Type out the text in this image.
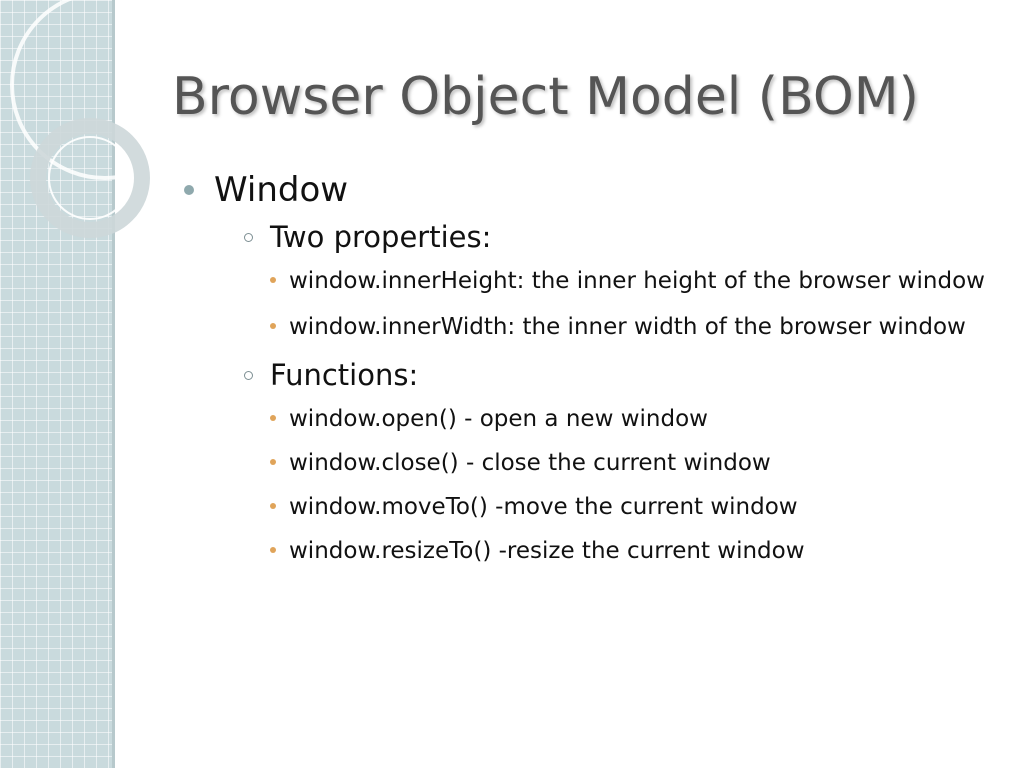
Browser Object Model (BOM)
Window
Two properties:
window.innerHeight: the inner height of the browser window
window.innerWidth: the inner width of the browser window
Functions:
window.open() - open a new window
window.close() - close the current window
window.moveTo() -move the current window
window.resizeTo() -resize the current window
